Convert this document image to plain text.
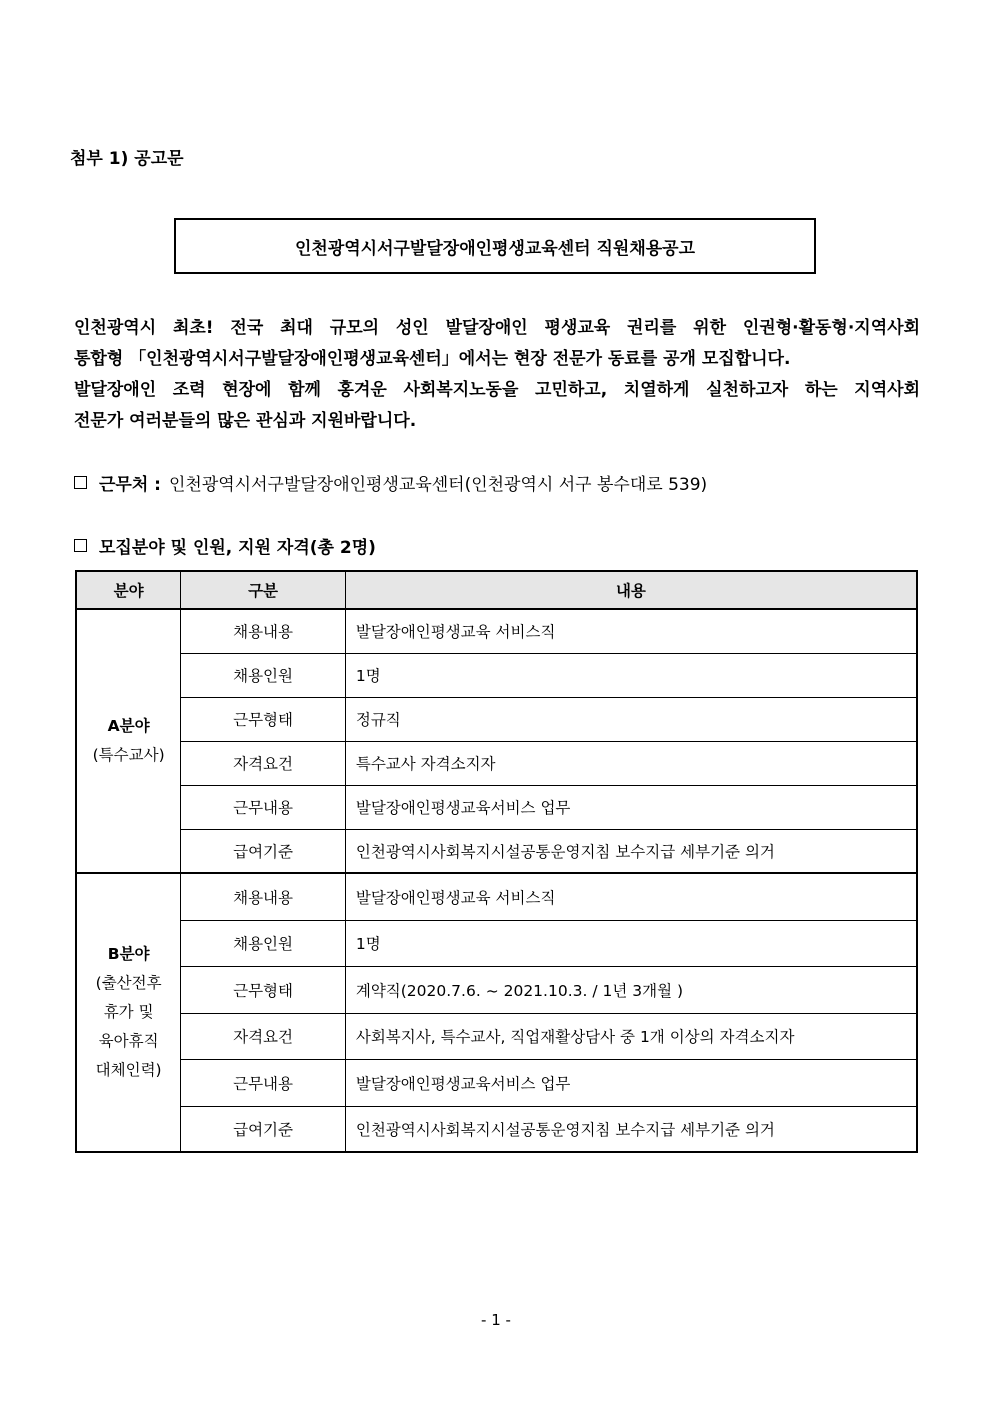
첨부 1) 공고문
인천광역시서구발달장애인평생교육센터 직원채용공고

인천광역시 최초! 전국 최대 규모의 성인 발달장애인 평생교육 권리를 위한 인권형·활동형·지역사회

통합형 「인천광역시서구발달장애인평생교육센터」에서는 현장 전문가 동료를 공개 모집합니다.

발달장애인 조력 현장에 함께 홍겨운 사회복지노동을 고민하고, 치열하게 실천하고자 하는 지역사회

전문가 여러분들의 많은 관심과 지원바랍니다.

근무처 : 인천광역시서구발달장애인평생교육센터(인천광역시 서구 봉수대로 539)
모집분야 및 인원, 지원 자격(총 2명)
분야	구분	내용

A분야
(특수교사)	채용내용	발달장애인평생교육 서비스직
	채용인원	1명
	근무형태	정규직
	자격요건	특수교사 자격소지자
	근무내용	발달장애인평생교육서비스 업무
	급여기준	인천광역시사회복지시설공통운영지침 보수지급 세부기준 의거

B분야
(출산전후
휴가 및
육아휴직
대체인력)	채용내용	발달장애인평생교육 서비스직
	채용인원	1명
	근무형태	계약직(2020.7.6. ~ 2021.10.3. / 1년 3개월 )
	자격요건	사회복지사, 특수교사, 직업재활상담사 중 1개 이상의 자격소지자
	근무내용	발달장애인평생교육서비스 업무
	급여기준	인천광역시사회복지시설공통운영지침 보수지급 세부기준 의거
- 1 -
